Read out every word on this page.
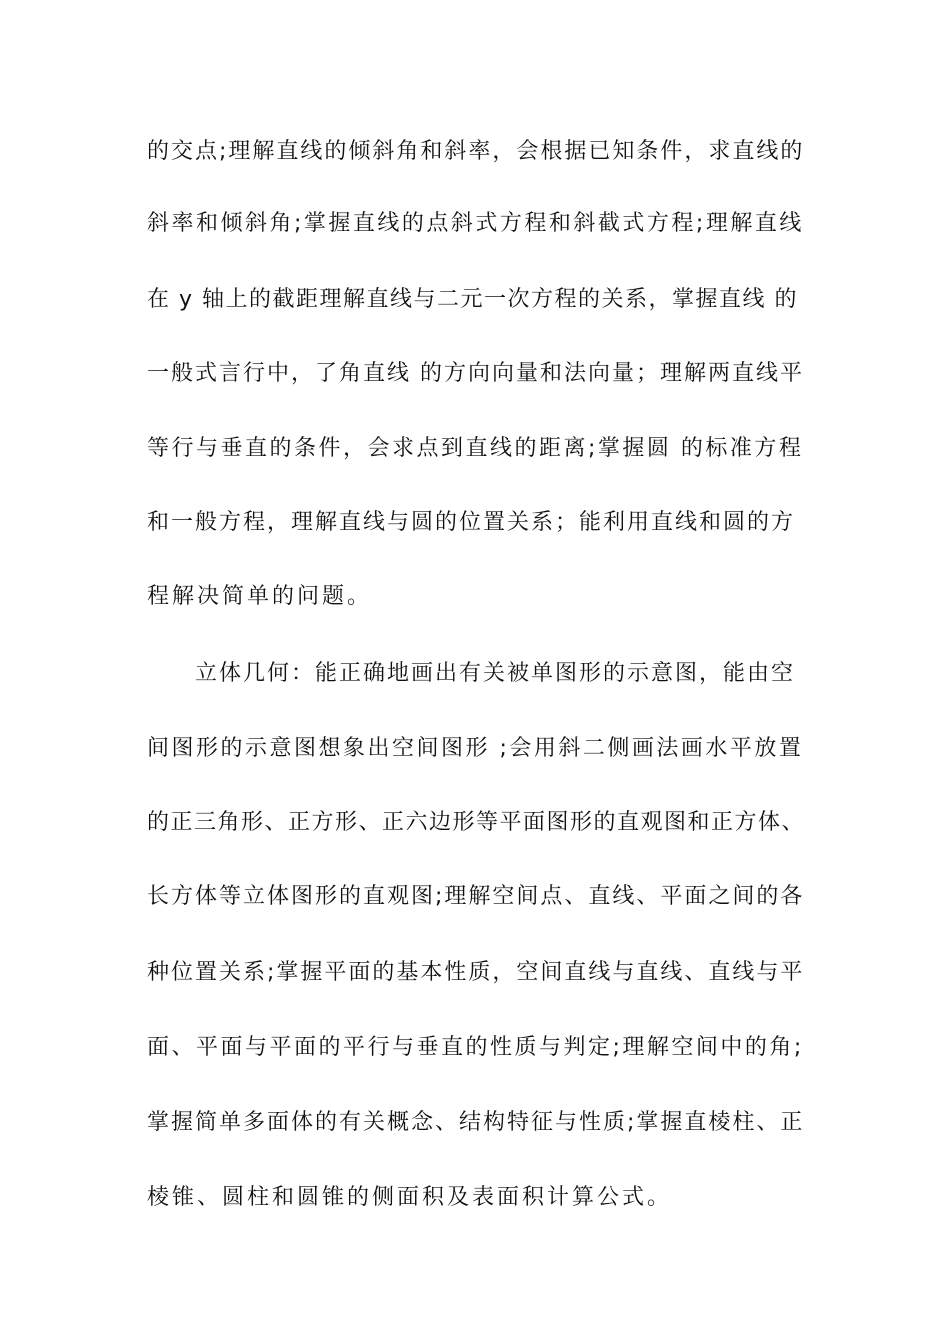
的交点;理解直线的倾斜角和斜率，会根据已知条件，求直线的
斜率和倾斜角;掌握直线的点斜式方程和斜截式方程;理解直线
在 y 轴上的截距理解直线与二元一次方程的关系，掌握直线 的
一般式言行中，了角直线 的方向向量和法向量；理解两直线平
等行与垂直的条件，会求点到直线的距离;掌握圆 的标准方程
和一般方程，理解直线与圆的位置关系；能利用直线和圆的方
程解决简单的问题。
立体几何：能正确地画出有关被单图形的示意图，能由空
间图形的示意图想象出空间图形 ;会用斜二侧画法画水平放置
的正三角形、正方形、正六边形等平面图形的直观图和正方体、
长方体等立体图形的直观图;理解空间点、直线、平面之间的各
种位置关系;掌握平面的基本性质，空间直线与直线、直线与平
面、平面与平面的平行与垂直的性质与判定;理解空间中的角;
掌握简单多面体的有关概念、结构特征与性质;掌握直棱柱、正
棱锥、圆柱和圆锥的侧面积及表面积计算公式。
